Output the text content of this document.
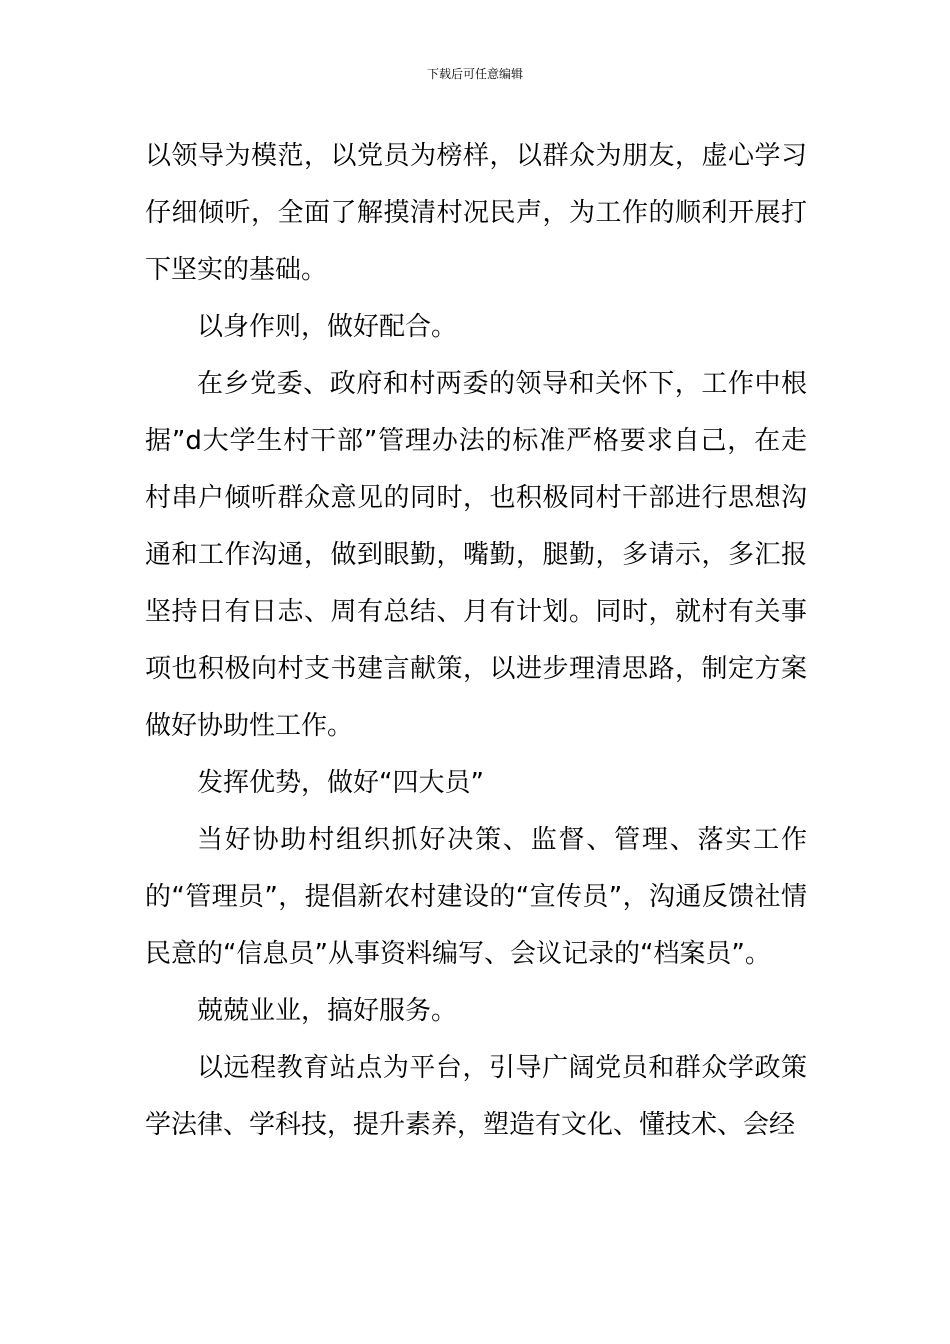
下载后可任意编辑

以领导为模范，以党员为榜样，以群众为朋友，虚心学习仔细倾听，全面了解摸清村况民声，为工作的顺利开展打下坚实的基础。

以身作则，做好配合。

在乡党委、政府和村两委的领导和关怀下，工作中根据”d大学生村干部”管理办法的标准严格要求自己，在走村串户倾听群众意见的同时，也积极同村干部进行思想沟通和工作沟通，做到眼勤，嘴勤，腿勤，多请示，多汇报坚持日有日志、周有总结、月有计划。同时，就村有关事项也积极向村支书建言献策，以进步理清思路，制定方案做好协助性工作。

发挥优势，做好“四大员”

当好协助村组织抓好决策、监督、管理、落实工作的“管理员”，提倡新农村建设的“宣传员”，沟通反馈社情民意的“信息员”从事资料编写、会议记录的“档案员”。

兢兢业业，搞好服务。

以远程教育站点为平台，引导广阔党员和群众学政策学法律、学科技，提升素养，塑造有文化、懂技术、会经
